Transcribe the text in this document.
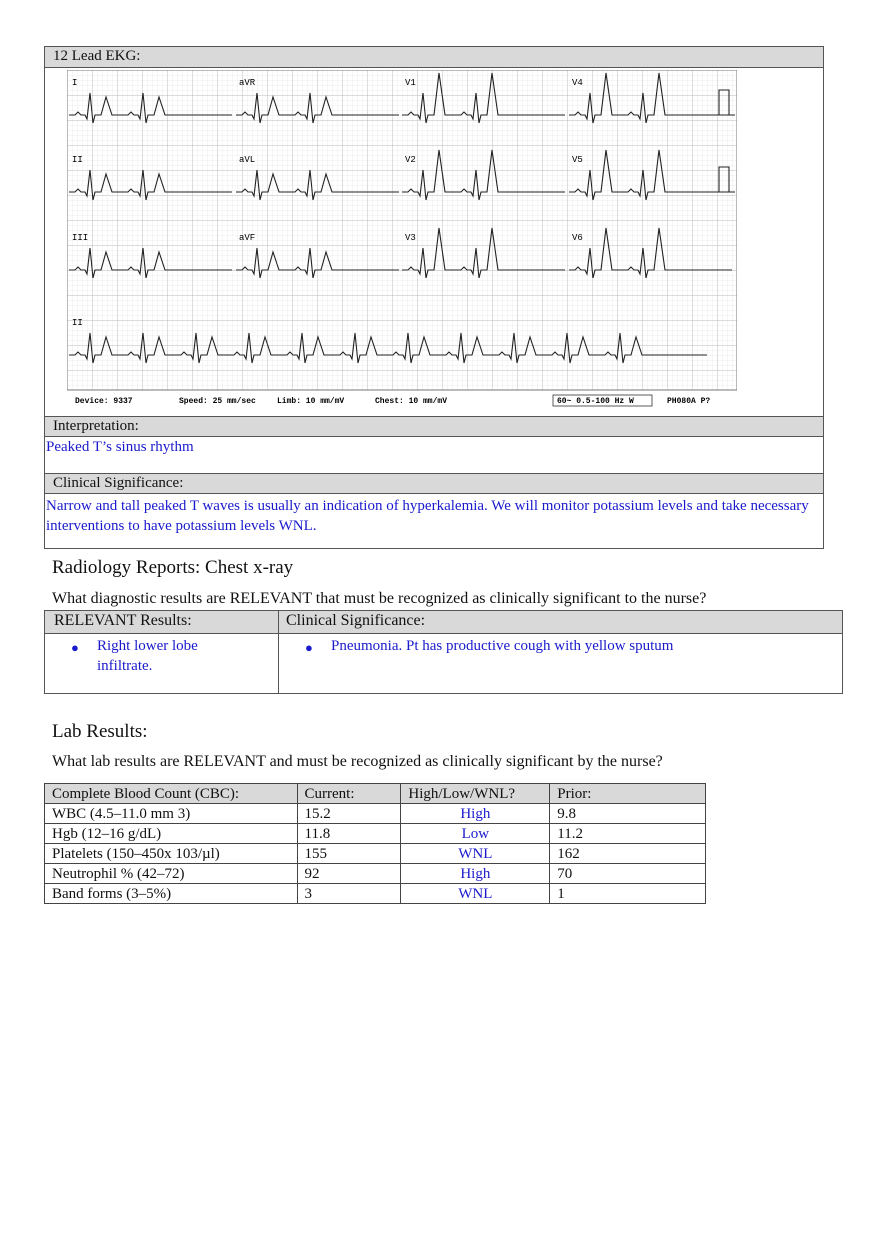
12 Lead EKG:
I	aVR	V1	V4
II	aVL	V2	V5
III	aVF	V3	V6
II
Device: 9337	Speed: 25 mm/sec	Limb: 10 mm/mV	Chest: 10 mm/mV	60~ 0.5-100 Hz W	PH080A P?
Interpretation:
Peaked T’s sinus rhythm
Clinical Significance:
Narrow and tall peaked T waves is usually an indication of hyperkalemia. We will monitor potassium levels and take necessary interventions to have potassium levels WNL.
Radiology Reports: Chest x-ray
What diagnostic results are RELEVANT that must be recognized as clinically significant to the nurse?
RELEVANT Results:	Clinical Significance:
● Right lower lobe infiltrate.
● Pneumonia. Pt has productive cough with yellow sputum
Lab Results:
What lab results are RELEVANT and must be recognized as clinically significant by the nurse?
Complete Blood Count (CBC):	Current:	High/Low/WNL?	Prior:
WBC (4.5–11.0 mm 3)	15.2	High	9.8
Hgb (12–16 g/dL)	11.8	Low	11.2
Platelets (150–450x 103/µl)	155	WNL	162
Neutrophil % (42–72)	92	High	70
Band forms (3–5%)	3	WNL	1
